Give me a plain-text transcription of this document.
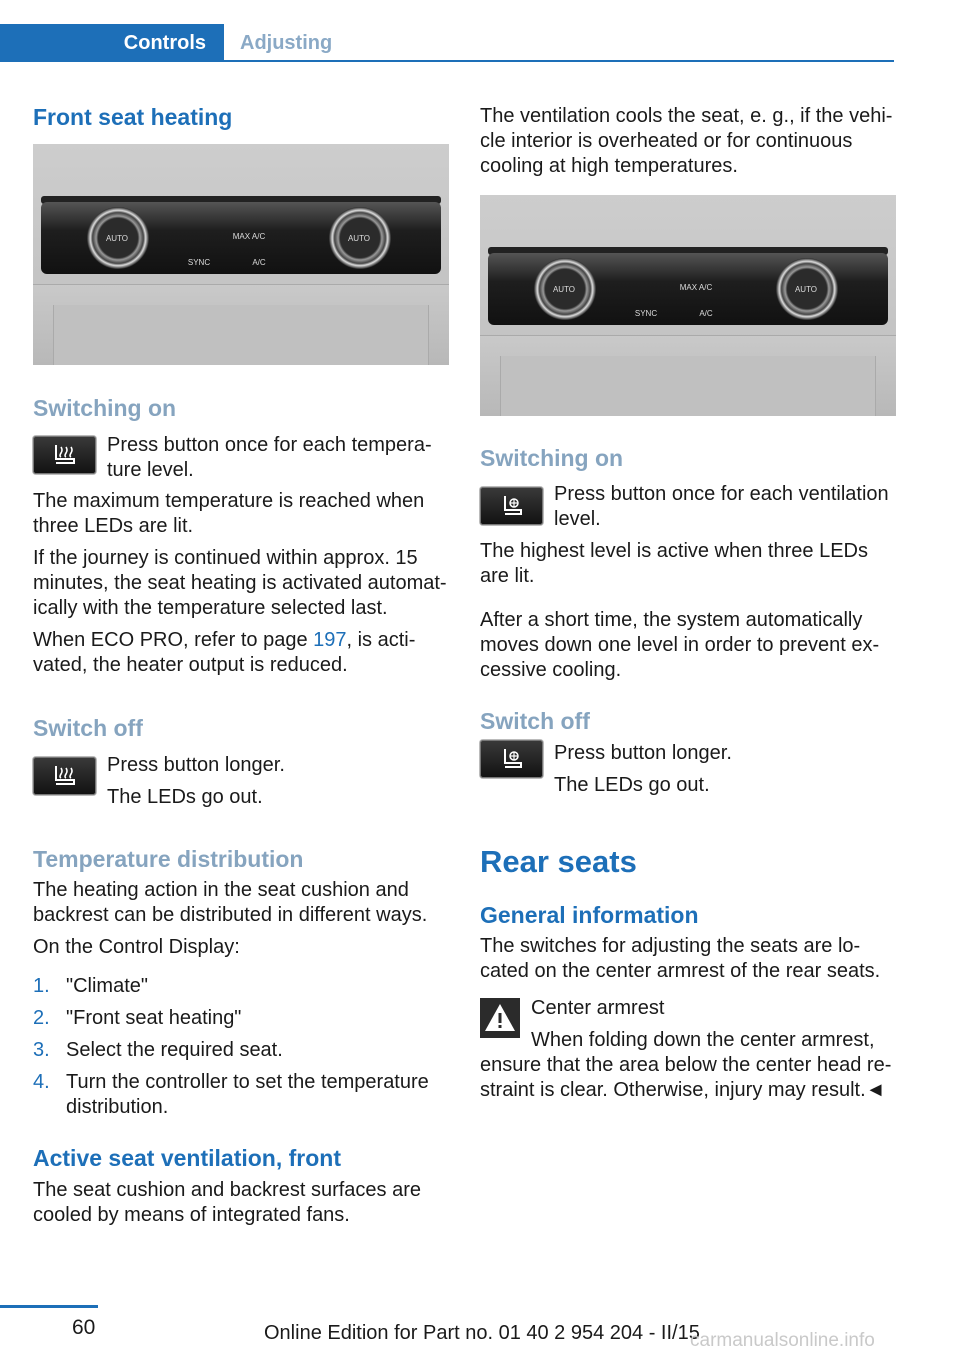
Controls	Adjusting
Front seat heating
AUTO	AUTO
MAX A/C
SYNC	A/C
Switching on
Press button once for each tempera-
ture level.
The maximum temperature is reached when three LEDs are lit.
If the journey is continued within approx. 15 minutes, the seat heating is activated automat-ically with the temperature selected last.
When ECO PRO, refer to page 197, is acti-vated, the heater output is reduced.
Switch off
Press button longer.
The LEDs go out.
Temperature distribution
The heating action in the seat cushion and backrest can be distributed in different ways.
On the Control Display:
1. "Climate"
2. "Front seat heating"
3. Select the required seat.
4. Turn the controller to set the temperature distribution.
Active seat ventilation, front
The seat cushion and backrest surfaces are cooled by means of integrated fans.
The ventilation cools the seat, e. g., if the vehi-cle interior is overheated or for continuous cooling at high temperatures.
AUTO	AUTO
MAX A/C
SYNC	A/C
Switching on
Press button once for each ventilation level.
The highest level is active when three LEDs are lit.
After a short time, the system automatically moves down one level in order to prevent ex-cessive cooling.
Switch off
Press button longer.
The LEDs go out.
Rear seats
General information
The switches for adjusting the seats are lo-cated on the center armrest of the rear seats.
Center armrest
When folding down the center armrest,
ensure that the area below the center head re-straint is clear. Otherwise, injury may result.◄
60	Online Edition for Part no. 01 40 2 954 204 - II/15
carmanualsonline.info
